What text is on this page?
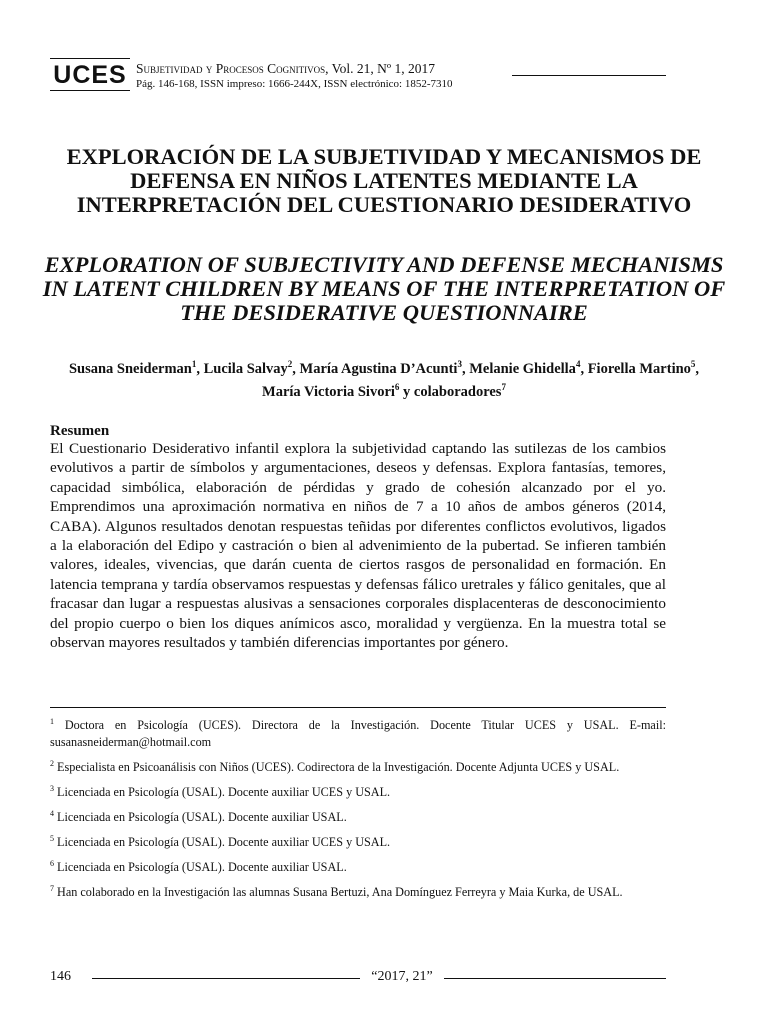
UCES Subjetividad y Procesos Cognitivos, Vol. 21, Nº 1, 2017
Pág. 146-168, ISSN impreso: 1666-244X, ISSN electrónico: 1852-7310
EXPLORACIÓN DE LA SUBJETIVIDAD Y MECANISMOS DE DEFENSA EN NIÑOS LATENTES MEDIANTE LA INTERPRETACIÓN DEL CUESTIONARIO DESIDERATIVO
EXPLORATION OF SUBJECTIVITY AND DEFENSE MECHANISMS IN LATENT CHILDREN BY MEANS OF THE INTERPRETATION OF THE DESIDERATIVE QUESTIONNAIRE
Susana Sneiderman$^1$, Lucila Salvay$^2$, María Agustina D’Acunti$^3$, Melanie Ghidella$^4$, Fiorella Martino$^5$, María Victoria Sivori$^6$ y colaboradores$^7$
Resumen

El Cuestionario Desiderativo infantil explora la subjetividad captando las sutilezas de los cambios evolutivos a partir de símbolos y argumentaciones, deseos y defensas. Explora fantasías, temores, capacidad simbólica, elaboración de pérdidas y grado de cohesión alcanzado por el yo. Emprendimos una aproximación normativa en niños de 7 a 10 años de ambos géneros (2014, CABA). Algunos resultados denotan respuestas teñidas por diferentes conflictos evolutivos, ligados a la elaboración del Edipo y castración o bien al advenimiento de la pubertad. Se infieren también valores, ideales, vivencias, que darán cuenta de ciertos rasgos de personalidad en formación. En latencia temprana y tardía observamos respuestas y defensas fálico uretrales y fálico genitales, que al fracasar dan lugar a respuestas alusivas a sensaciones corporales displacenteras de desconocimiento del propio cuerpo o bien los diques anímicos asco, moralidad y vergüenza. En la muestra total se observan mayores resultados y también diferencias importantes por género.

$^1$ Doctora en Psicología (UCES). Directora de la Investigación. Docente Titular UCES y USAL. E-mail: susanasneiderman@hotmail.com
$^2$ Especialista en Psicoanálisis con Niños (UCES). Codirectora de la Investigación. Docente Adjunta UCES y USAL.
$^3$ Licenciada en Psicología (USAL). Docente auxiliar UCES y USAL.
$^4$ Licenciada en Psicología (USAL). Docente auxiliar USAL.
$^5$ Licenciada en Psicología (USAL). Docente auxiliar UCES y USAL.
$^6$ Licenciada en Psicología (USAL). Docente auxiliar USAL.
$^7$ Han colaborado en la Investigación las alumnas Susana Bertuzi, Ana Domínguez Ferreyra y Maia Kurka, de USAL.
146	“2017, 21”
